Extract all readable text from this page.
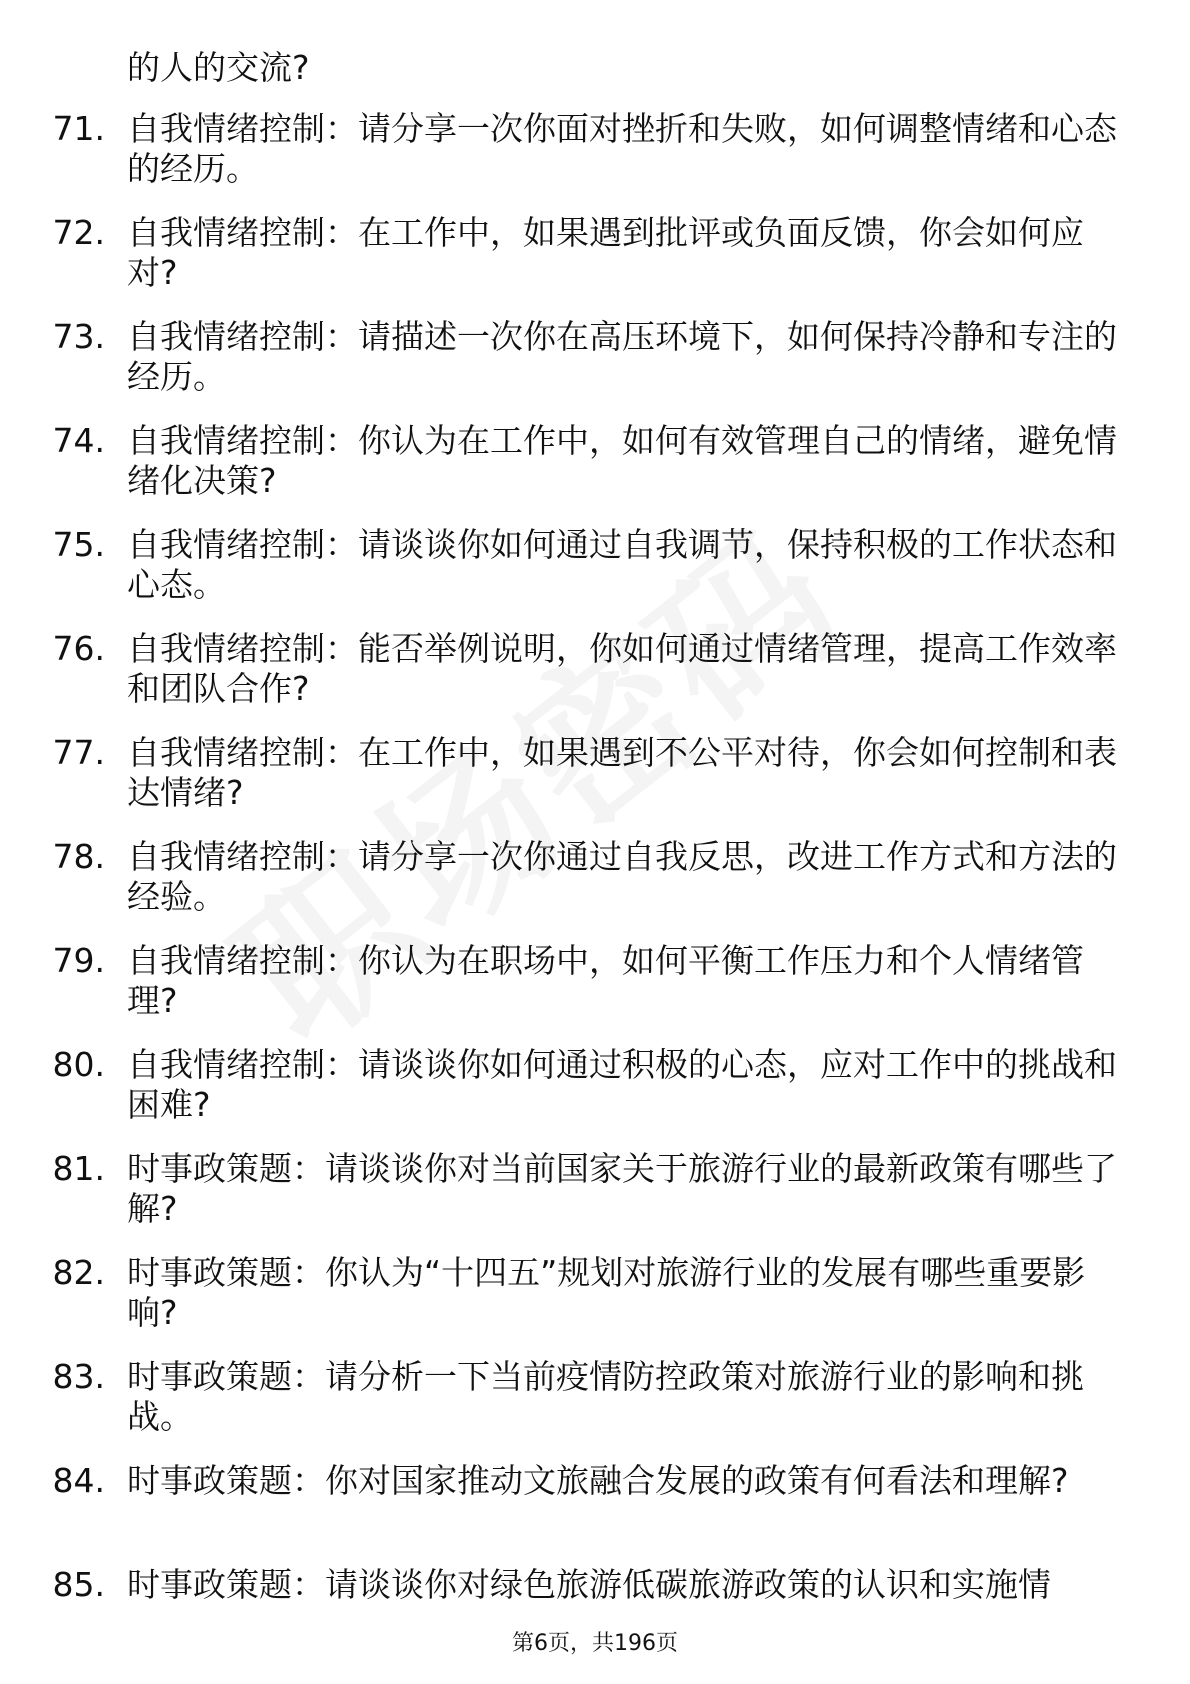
的人的交流?

71. 自我情绪控制：请分享一次你面对挫折和失败，如何调整情绪和心态的经历。
72. 自我情绪控制：在工作中，如果遇到批评或负面反馈，你会如何应对?
73. 自我情绪控制：请描述一次你在高压环境下，如何保持冷静和专注的经历。
74. 自我情绪控制：你认为在工作中，如何有效管理自己的情绪，避免情绪化决策?
75. 自我情绪控制：请谈谈你如何通过自我调节，保持积极的工作状态和心态。
76. 自我情绪控制：能否举例说明，你如何通过情绪管理，提高工作效率和团队合作?
77. 自我情绪控制：在工作中，如果遇到不公平对待，你会如何控制和表达情绪?
78. 自我情绪控制：请分享一次你通过自我反思，改进工作方式和方法的经验。
79. 自我情绪控制：你认为在职场中，如何平衡工作压力和个人情绪管理?
80. 自我情绪控制：请谈谈你如何通过积极的心态，应对工作中的挑战和困难?
81. 时事政策题：请谈谈你对当前国家关于旅游行业的最新政策有哪些了解?
82. 时事政策题：你认为“十四五”规划对旅游行业的发展有哪些重要影响?
83. 时事政策题：请分析一下当前疫情防控政策对旅游行业的影响和挑战。
84. 时事政策题：你对国家推动文旅融合发展的政策有何看法和理解?
85. 时事政策题：请谈谈你对绿色旅游低碳旅游政策的认识和实施情
第6页，共196页
